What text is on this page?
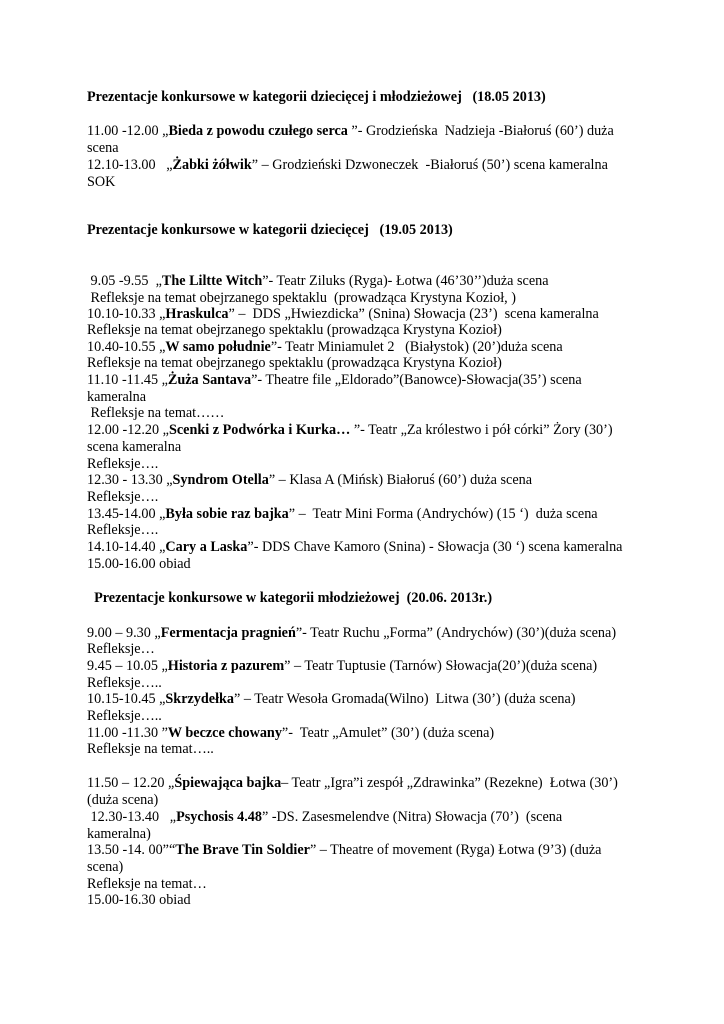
Prezentacje konkursowe w kategorii dziecięcej i młodzieżowej   (18.05 2013)
11.00 -12.00 „Bieda z powodu czułego serca ”- Grodzieńska  Nadzieja -Białoruś (60’) duża
scena
12.10-13.00   „Żabki żółwik” – Grodzieński Dzwoneczek  -Białoruś (50’) scena kameralna
SOK
Prezentacje konkursowe w kategorii dziecięcej   (19.05 2013)
9.05 -9.55  „The Liltte Witch”- Teatr Ziluks (Ryga)- Łotwa (46’30’’)duża scena
Refleksje na temat obejrzanego spektaklu  (prowadząca Krystyna Kozioł, )
10.10-10.33 „Hraskulca” –  DDS „Hwiezdicka” (Snina) Słowacja (23’)  scena kameralna
Refleksje na temat obejrzanego spektaklu (prowadząca Krystyna Kozioł)
10.40-10.55 „W samo południe”- Teatr Miniamulet 2   (Białystok) (20’)duża scena
Refleksje na temat obejrzanego spektaklu (prowadząca Krystyna Kozioł)
11.10 -11.45 „Żuża Santava”- Theatre file „Eldorado”(Banowce)-Słowacja(35’) scena
kameralna
Refleksje na temat……
12.00 -12.20 „Scenki z Podwórka i Kurka… ”- Teatr „Za królestwo i pół córki” Żory (30’)
scena kameralna
Refleksje….
12.30 - 13.30 „Syndrom Otella” – Klasa A (Mińsk) Białoruś (60’) duża scena
Refleksje….
13.45-14.00 „Była sobie raz bajka” –  Teatr Mini Forma (Andrychów) (15 ‘)  duża scena
Refleksje….
14.10-14.40 „Cary a Laska”- DDS Chave Kamoro (Snina) - Słowacja (30 ‘) scena kameralna
15.00-16.00 obiad
Prezentacje konkursowe w kategorii młodzieżowej  (20.06. 2013r.)
9.00 – 9.30 „Fermentacja pragnień”- Teatr Ruchu „Forma” (Andrychów) (30’)(duża scena)
Refleksje…
9.45 – 10.05 „Historia z pazurem” – Teatr Tuptusie (Tarnów) Słowacja(20’)(duża scena)
Refleksje…..
10.15-10.45 „Skrzydełka” – Teatr Wesoła Gromada(Wilno)  Litwa (30’) (duża scena)
Refleksje…..
11.00 -11.30 ”W beczce chowany”-  Teatr „Amulet” (30’) (duża scena)
Refleksje na temat…..
11.50 – 12.20 „Śpiewająca bajka– Teatr „Igra”i zespół „Zdrawinka” (Rezekne)  Łotwa (30’)
(duża scena)
12.30-13.40   „Psychosis 4.48” -DS. Zasesmelendve (Nitra) Słowacja (70’)  (scena
kameralna)
13.50 -14. 00”“The Brave Tin Soldier” – Theatre of movement (Ryga) Łotwa (9’3) (duża
scena)
Refleksje na temat…
15.00-16.30 obiad
